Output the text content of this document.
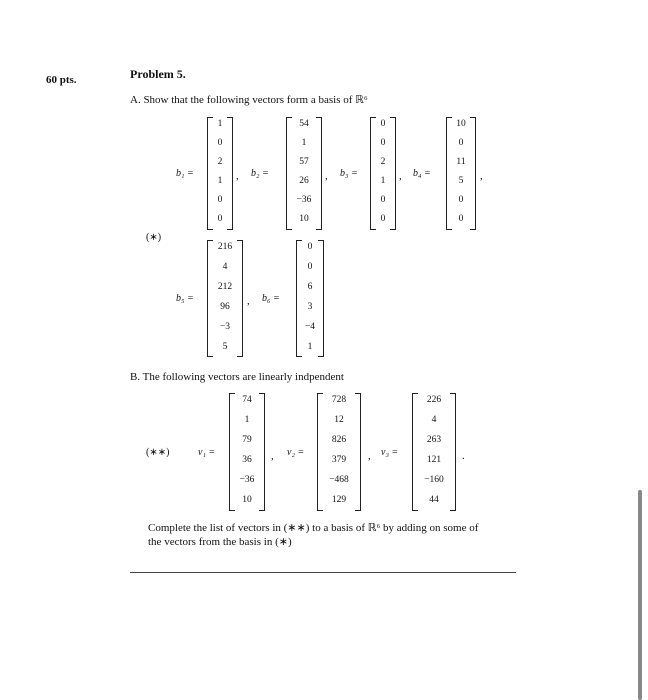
60 pts.	Problem 5.
A. Show that the following vectors form a basis of ℝ⁶
b₁ =
1
0
2
1
0
0
, b₂ =
54
1
57
26
−36
10
, b₃ =
0
0
2
1
0
0
, b₄ =
10
0
11
5
0
0
,
(∗)
b₅ =
216
4
212
96
−3
5
, b₆ =
0
0
6
3
−4
1
B. The following vectors are linearly indpendent
(∗∗)	v₁ =
74
1
79
36
−36
10
, v₂ =
728
12
826
379
−468
129
, v₃ =
226
4
263
121
−160
44
.
Complete the list of vectors in (∗∗) to a basis of ℝ⁶ by adding on some of
the vectors from the basis in (∗)
